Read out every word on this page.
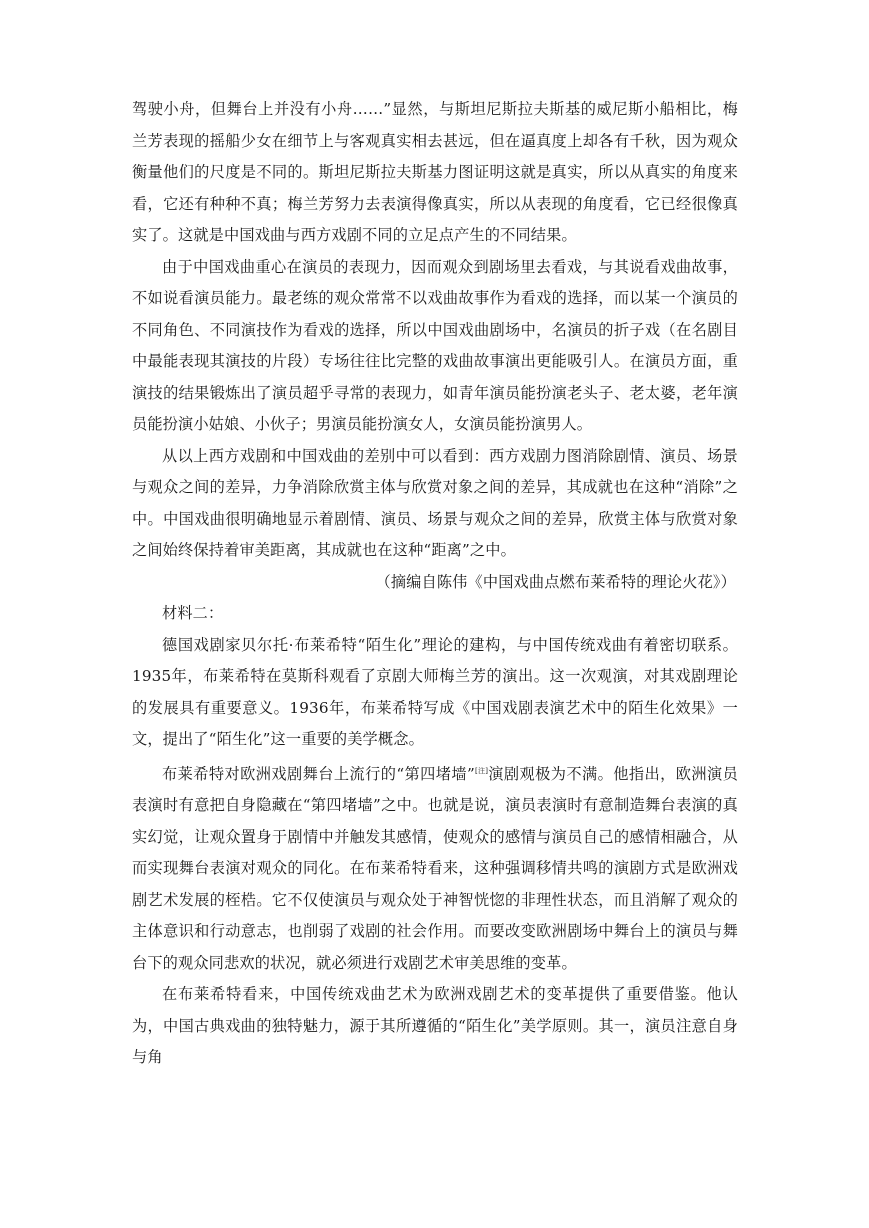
驾驶小舟，但舞台上并没有小舟……”显然，与斯坦尼斯拉夫斯基的威尼斯小船相比，梅兰芳表现的摇船少女在细节上与客观真实相去甚远，但在逼真度上却各有千秋，因为观众衡量他们的尺度是不同的。斯坦尼斯拉夫斯基力图证明这就是真实，所以从真实的角度来看，它还有种种不真；梅兰芳努力去表演得像真实，所以从表现的角度看，它已经很像真实了。这就是中国戏曲与西方戏剧不同的立足点产生的不同结果。

由于中国戏曲重心在演员的表现力，因而观众到剧场里去看戏，与其说看戏曲故事，不如说看演员能力。最老练的观众常常不以戏曲故事作为看戏的选择，而以某一个演员的不同角色、不同演技作为看戏的选择，所以中国戏曲剧场中，名演员的折子戏（在名剧目中最能表现其演技的片段）专场往往比完整的戏曲故事演出更能吸引人。在演员方面，重演技的结果锻炼出了演员超乎寻常的表现力，如青年演员能扮演老头子、老太婆，老年演员能扮演小姑娘、小伙子；男演员能扮演女人，女演员能扮演男人。

从以上西方戏剧和中国戏曲的差别中可以看到：西方戏剧力图消除剧情、演员、场景与观众之间的差异，力争消除欣赏主体与欣赏对象之间的差异，其成就也在这种“消除”之中。中国戏曲很明确地显示着剧情、演员、场景与观众之间的差异，欣赏主体与欣赏对象之间始终保持着审美距离，其成就也在这种“距离”之中。

（摘编自陈伟《中国戏曲点燃布莱希特的理论火花》）

材料二：

德国戏剧家贝尔托·布莱希特“陌生化”理论的建构，与中国传统戏曲有着密切联系。1935年，布莱希特在莫斯科观看了京剧大师梅兰芳的演出。这一次观演，对其戏剧理论的发展具有重要意义。1936年，布莱希特写成《中国戏剧表演艺术中的陌生化效果》一文，提出了“陌生化”这一重要的美学概念。

布莱希特对欧洲戏剧舞台上流行的“第四堵墙”[注]演剧观极为不满。他指出，欧洲演员表演时有意把自身隐藏在“第四堵墙”之中。也就是说，演员表演时有意制造舞台表演的真实幻觉，让观众置身于剧情中并触发其感情，使观众的感情与演员自己的感情相融合，从而实现舞台表演对观众的同化。在布莱希特看来，这种强调移情共鸣的演剧方式是欧洲戏剧艺术发展的桎梏。它不仅使演员与观众处于神智恍惚的非理性状态，而且消解了观众的主体意识和行动意志，也削弱了戏剧的社会作用。而要改变欧洲剧场中舞台上的演员与舞台下的观众同悲欢的状况，就必须进行戏剧艺术审美思维的变革。

在布莱希特看来，中国传统戏曲艺术为欧洲戏剧艺术的变革提供了重要借鉴。他认为，中国古典戏曲的独特魅力，源于其所遵循的“陌生化”美学原则。其一，演员注意自身与角
